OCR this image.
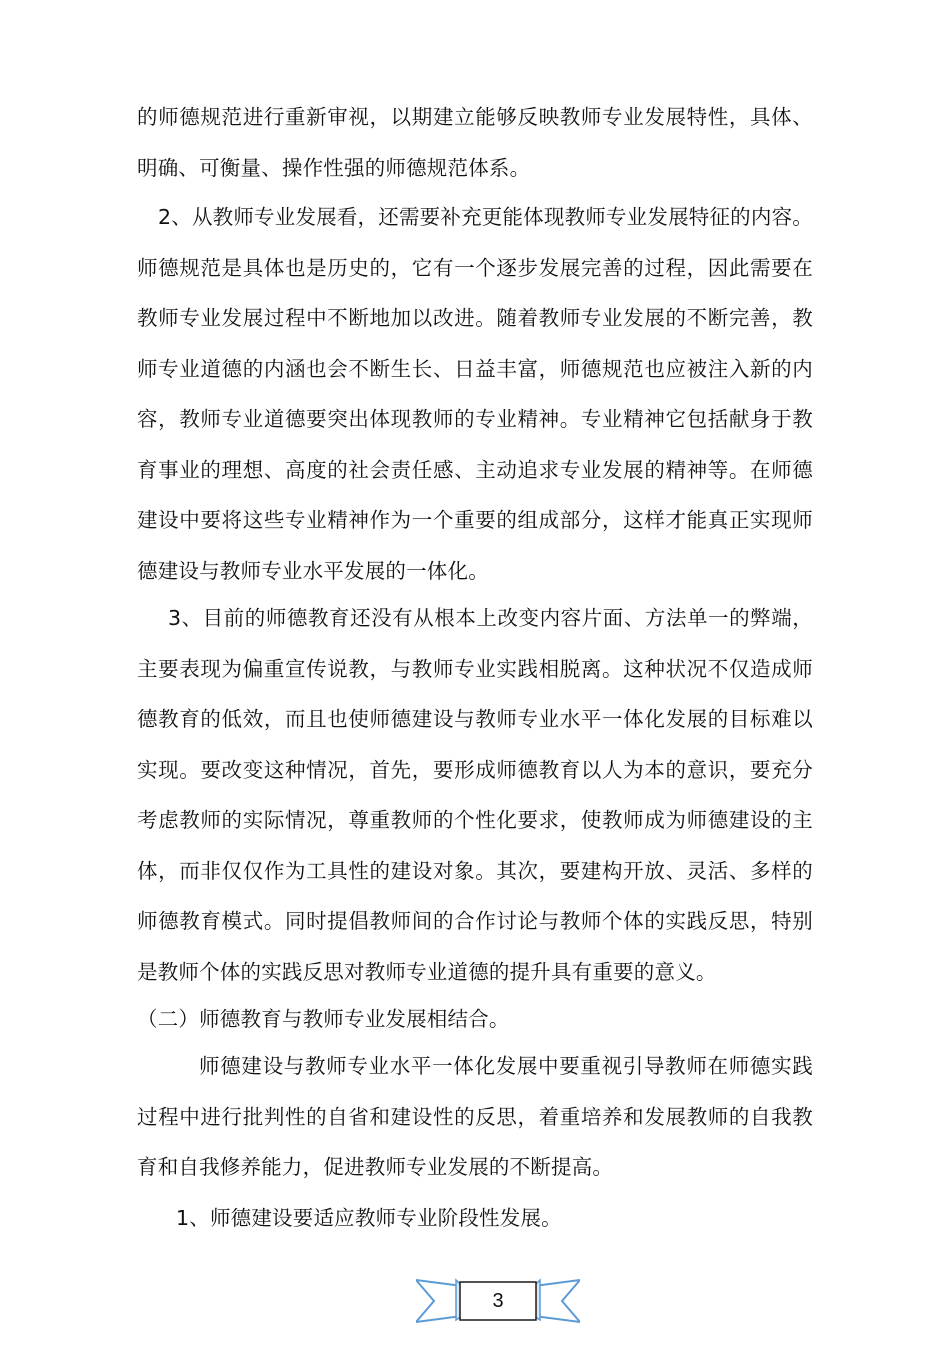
的师德规范进行重新审视，以期建立能够反映教师专业发展特性，具体、明确、可衡量、操作性强的师德规范体系。

2、从教师专业发展看，还需要补充更能体现教师专业发展特征的内容。师德规范是具体也是历史的，它有一个逐步发展完善的过程，因此需要在教师专业发展过程中不断地加以改进。随着教师专业发展的不断完善，教师专业道德的内涵也会不断生长、日益丰富，师德规范也应被注入新的内容，教师专业道德要突出体现教师的专业精神。专业精神它包括献身于教育事业的理想、高度的社会责任感、主动追求专业发展的精神等。在师德建设中要将这些专业精神作为一个重要的组成部分，这样才能真正实现师德建设与教师专业水平发展的一体化。

3、目前的师德教育还没有从根本上改变内容片面、方法单一的弊端，主要表现为偏重宣传说教，与教师专业实践相脱离。这种状况不仅造成师德教育的低效，而且也使师德建设与教师专业水平一体化发展的目标难以实现。要改变这种情况，首先，要形成师德教育以人为本的意识，要充分考虑教师的实际情况，尊重教师的个性化要求，使教师成为师德建设的主体，而非仅仅作为工具性的建设对象。其次，要建构开放、灵活、多样的师德教育模式。同时提倡教师间的合作讨论与教师个体的实践反思，特别是教师个体的实践反思对教师专业道德的提升具有重要的意义。

（二）师德教育与教师专业发展相结合。

师德建设与教师专业水平一体化发展中要重视引导教师在师德实践过程中进行批判性的自省和建设性的反思，着重培养和发展教师的自我教育和自我修养能力，促进教师专业发展的不断提高。

1、师德建设要适应教师专业阶段性发展。

3
